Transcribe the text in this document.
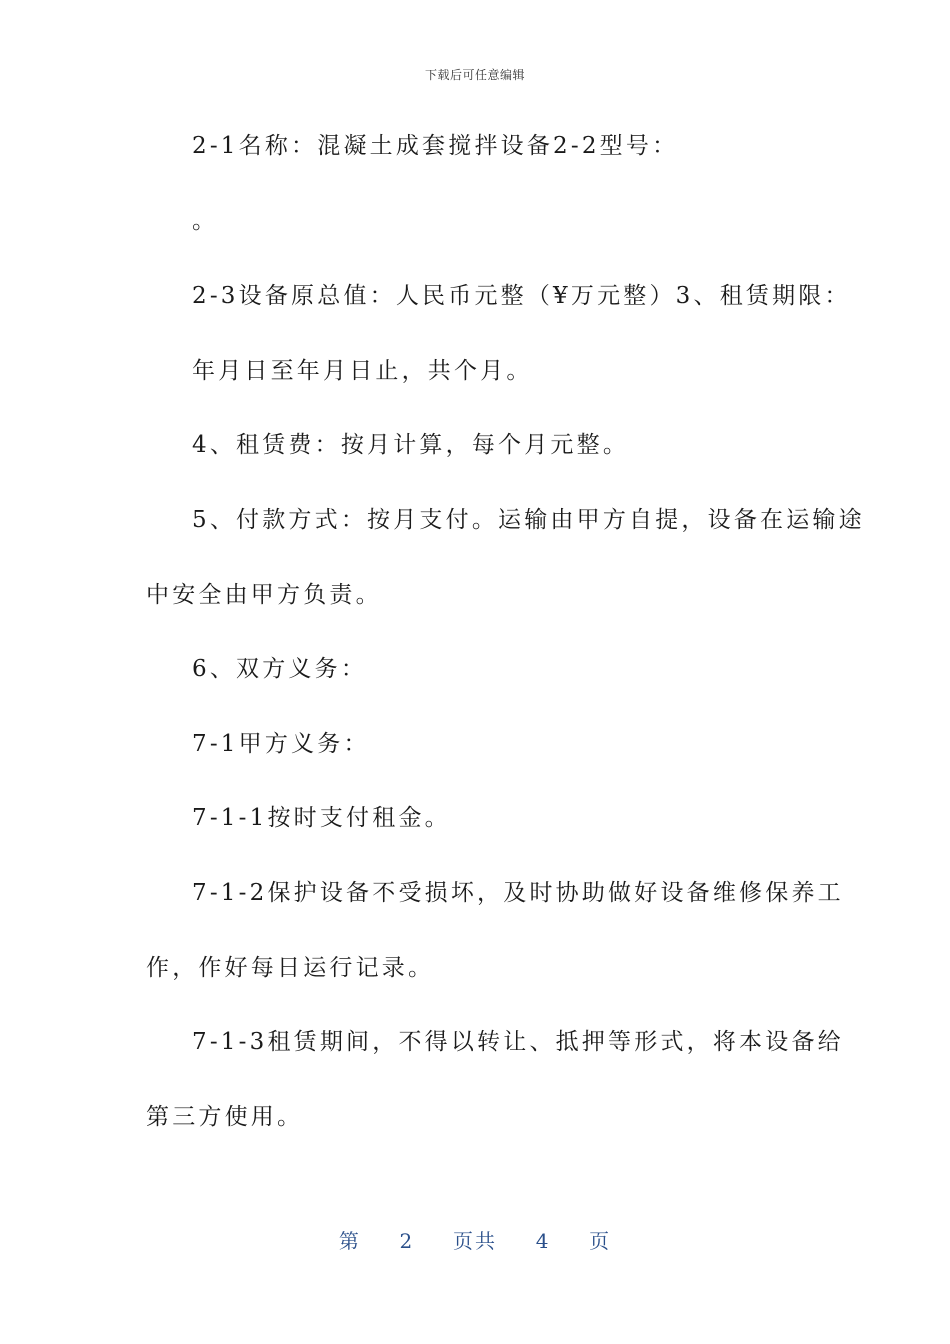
下载后可任意编辑
2-1名称：混凝土成套搅拌设备2-2型号：
。
2-3设备原总值：人民币元整（¥万元整）3、租赁期限：
年月日至年月日止，共个月。
4、租赁费：按月计算，每个月元整。
5、付款方式：按月支付。运输由甲方自提，设备在运输途
中安全由甲方负责。
6、双方义务：
7-1甲方义务：
7-1-1按时支付租金。
7-1-2保护设备不受损坏，及时协助做好设备维修保养工
作，作好每日运行记录。
7-1-3租赁期间，不得以转让、抵押等形式，将本设备给
第三方使用。
第 2 页共 4 页
